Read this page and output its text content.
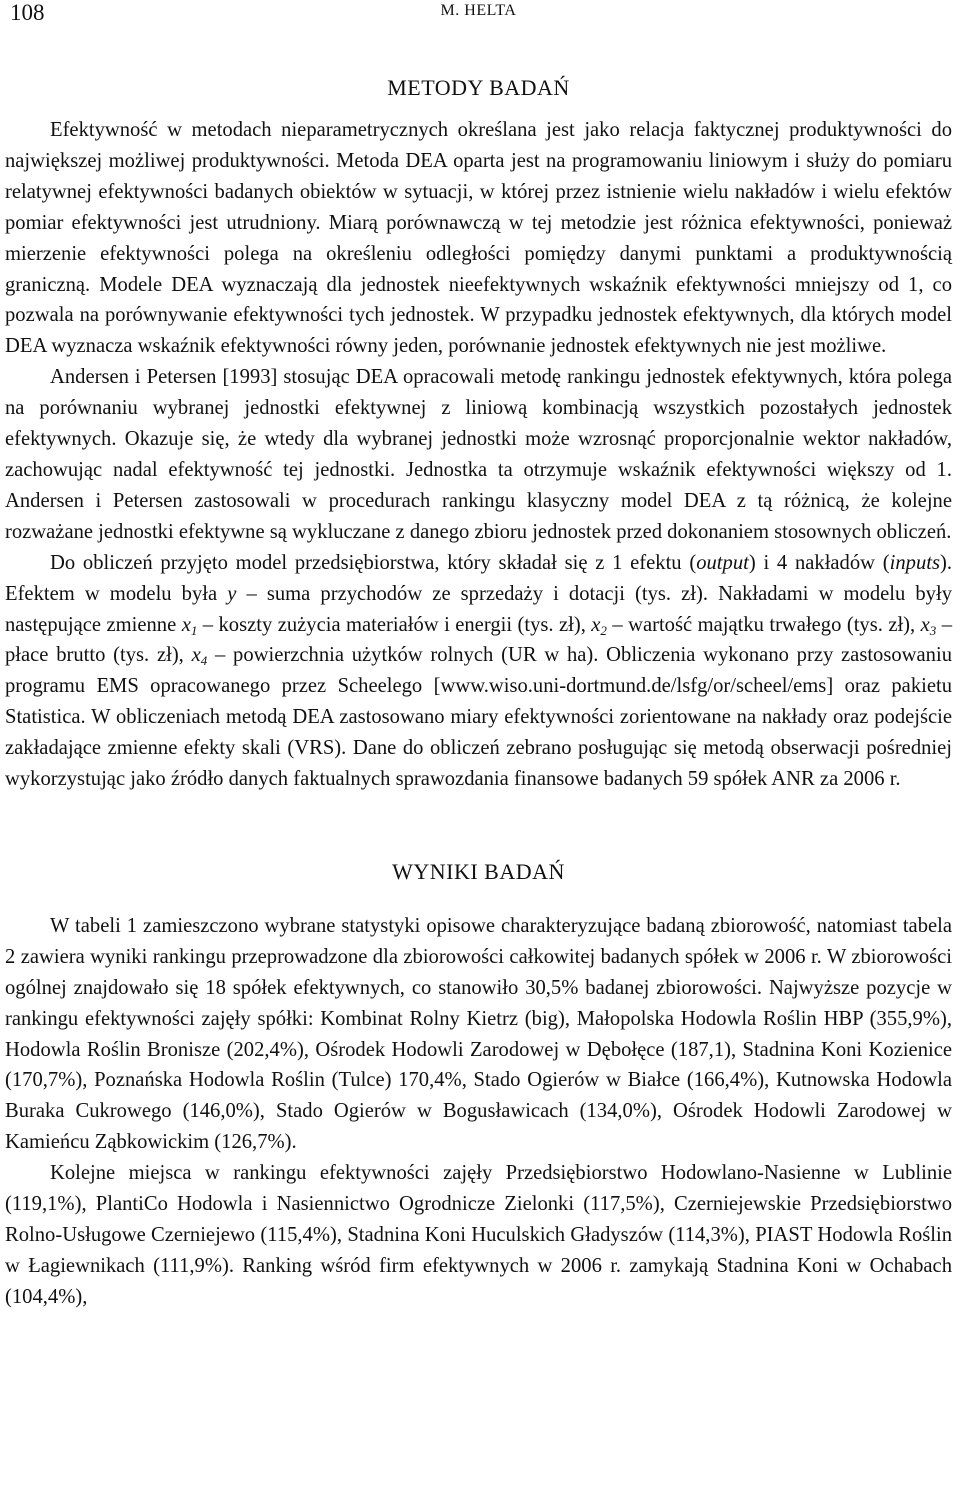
108	M. HELTA
METODY BADAŃ

Efektywność w metodach nieparametrycznych określana jest jako relacja faktycznej produktywności do największej możliwej produktywności. Metoda DEA oparta jest na programowaniu liniowym i służy do pomiaru relatywnej efektywności badanych obiektów w sytuacji, w której przez istnienie wielu nakładów i wielu efektów pomiar efektywności jest utrudniony. Miarą porównawczą w tej metodzie jest różnica efektywności, ponieważ mierzenie efektywności polega na określeniu odległości pomiędzy danymi punktami a produktywnością graniczną. Modele DEA wyznaczają dla jednostek nieefektywnych wskaźnik efektywności mniejszy od 1, co pozwala na porównywanie efektywności tych jednostek. W przypadku jednostek efektywnych, dla których model DEA wyznacza wskaźnik efektywności równy jeden, porównanie jednostek efektywnych nie jest możliwe.

Andersen i Petersen [1993] stosując DEA opracowali metodę rankingu jednostek efektywnych, która polega na porównaniu wybranej jednostki efektywnej z liniową kombinacją wszystkich pozostałych jednostek efektywnych. Okazuje się, że wtedy dla wybranej jednostki może wzrosnąć proporcjonalnie wektor nakładów, zachowując nadal efektywność tej jednostki. Jednostka ta otrzymuje wskaźnik efektywności większy od 1. Andersen i Petersen zastosowali w procedurach rankingu klasyczny model DEA z tą różnicą, że kolejne rozważane jednostki efektywne są wykluczane z danego zbioru jednostek przed dokonaniem stosownych obliczeń.

Do obliczeń przyjęto model przedsiębiorstwa, który składał się z 1 efektu (output) i 4 nakładów (inputs). Efektem w modelu była y – suma przychodów ze sprzedaży i dotacji (tys. zł). Nakładami w modelu były następujące zmienne $x_1$ – koszty zużycia materiałów i energii (tys. zł), $x_2$ – wartość majątku trwałego (tys. zł), $x_3$ – płace brutto (tys. zł), $x_4$ – powierzchnia użytków rolnych (UR w ha). Obliczenia wykonano przy zastosowaniu programu EMS opracowanego przez Scheelego [www.wiso.uni-dortmund.de/lsfg/or/scheel/ems] oraz pakietu Statistica. W obliczeniach metodą DEA zastosowano miary efektywności zorientowane na nakłady oraz podejście zakładające zmienne efekty skali (VRS). Dane do obliczeń zebrano posługując się metodą obserwacji pośredniej wykorzystując jako źródło danych faktualnych sprawozdania finansowe badanych 59 spółek ANR za 2006 r.

WYNIKI BADAŃ

W tabeli 1 zamieszczono wybrane statystyki opisowe charakteryzujące badaną zbiorowość, natomiast tabela 2 zawiera wyniki rankingu przeprowadzone dla zbiorowości całkowitej badanych spółek w 2006 r. W zbiorowości ogólnej znajdowało się 18 spółek efektywnych, co stanowiło 30,5% badanej zbiorowości. Najwyższe pozycje w rankingu efektywności zajęły spółki: Kombinat Rolny Kietrz (big), Małopolska Hodowla Roślin HBP (355,9%), Hodowla Roślin Bronisze (202,4%), Ośrodek Hodowli Zarodowej w Dębołęce (187,1), Stadnina Koni Kozienice (170,7%), Poznańska Hodowla Roślin (Tulce) 170,4%, Stado Ogierów w Białce (166,4%), Kutnowska Hodowla Buraka Cukrowego (146,0%), Stado Ogierów w Bogusławicach (134,0%), Ośrodek Hodowli Zarodowej w Kamieńcu Ząbkowickim (126,7%).

Kolejne miejsca w rankingu efektywności zajęły Przedsiębiorstwo Hodowlano-Nasienne w Lublinie (119,1%), PlantiCo Hodowla i Nasiennictwo Ogrodnicze Zielonki (117,5%), Czerniejewskie Przedsiębiorstwo Rolno-Usługowe Czerniejewo (115,4%), Stadnina Koni Huculskich Gładyszów (114,3%), PIAST Hodowla Roślin w Łagiewnikach (111,9%). Ranking wśród firm efektywnych w 2006 r. zamykają Stadnina Koni w Ochabach (104,4%),
